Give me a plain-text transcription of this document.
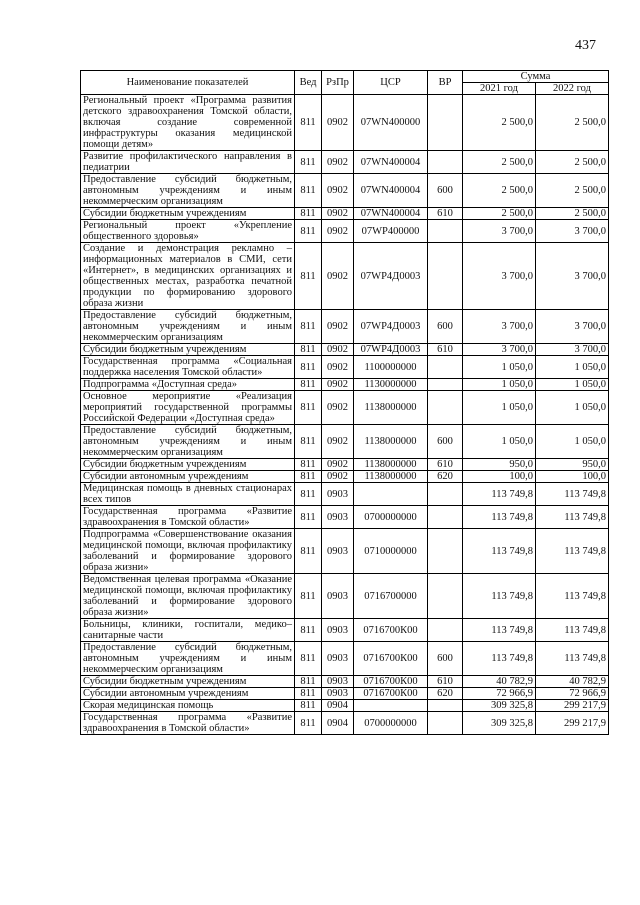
437
Наименование показателей	Вед	РзПр	ЦСР	ВР	Сумма	
					2021 год	2022 год
Региональный проект «Программа развития детского здравоохранения Томской области, включая создание современной инфраструктуры оказания медицинской помощи детям»	811	0902	07WN400000		2 500,0	2 500,0
Развитие профилактического направления в педиатрии	811	0902	07WN400004		2 500,0	2 500,0
Предоставление субсидий бюджетным, автономным учреждениям и иным некоммерческим организациям	811	0902	07WN400004	600	2 500,0	2 500,0
Субсидии бюджетным учреждениям	811	0902	07WN400004	610	2 500,0	2 500,0
Региональный проект «Укрепление общественного здоровья»	811	0902	07WP400000		3 700,0	3 700,0
Создание и демонстрация рекламно – информационных материалов в СМИ, сети «Интернет», в медицинских организациях и общественных местах, разработка печатной продукции по формированию здорового образа жизни	811	0902	07WP4Д0003		3 700,0	3 700,0
Предоставление субсидий бюджетным, автономным учреждениям и иным некоммерческим организациям	811	0902	07WP4Д0003	600	3 700,0	3 700,0
Субсидии бюджетным учреждениям	811	0902	07WP4Д0003	610	3 700,0	3 700,0
Государственная программа «Социальная поддержка населения Томской области»	811	0902	1100000000		1 050,0	1 050,0
Подпрограмма «Доступная среда»	811	0902	1130000000		1 050,0	1 050,0
Основное мероприятие «Реализация мероприятий государственной программы Российской Федерации «Доступная среда»	811	0902	1138000000		1 050,0	1 050,0
Предоставление субсидий бюджетным, автономным учреждениям и иным некоммерческим организациям	811	0902	1138000000	600	1 050,0	1 050,0
Субсидии бюджетным учреждениям	811	0902	1138000000	610	950,0	950,0
Субсидии автономным учреждениям	811	0902	1138000000	620	100,0	100,0
Медицинская помощь в дневных стационарах всех типов	811	0903			113 749,8	113 749,8
Государственная программа «Развитие здравоохранения в Томской области»	811	0903	0700000000		113 749,8	113 749,8
Подпрограмма «Совершенствование оказания медицинской помощи, включая профилактику заболеваний и формирование здорового образа жизни»	811	0903	0710000000		113 749,8	113 749,8
Ведомственная целевая программа «Оказание медицинской помощи, включая профилактику заболеваний и формирование здорового образа жизни»	811	0903	0716700000		113 749,8	113 749,8
Больницы, клиники, госпитали, медико–санитарные части	811	0903	0716700К00		113 749,8	113 749,8
Предоставление субсидий бюджетным, автономным учреждениям и иным некоммерческим организациям	811	0903	0716700К00	600	113 749,8	113 749,8
Субсидии бюджетным учреждениям	811	0903	0716700К00	610	40 782,9	40 782,9
Субсидии автономным учреждениям	811	0903	0716700К00	620	72 966,9	72 966,9
Скорая медицинская помощь	811	0904			309 325,8	299 217,9
Государственная программа «Развитие здравоохранения в Томской области»	811	0904	0700000000		309 325,8	299 217,9
